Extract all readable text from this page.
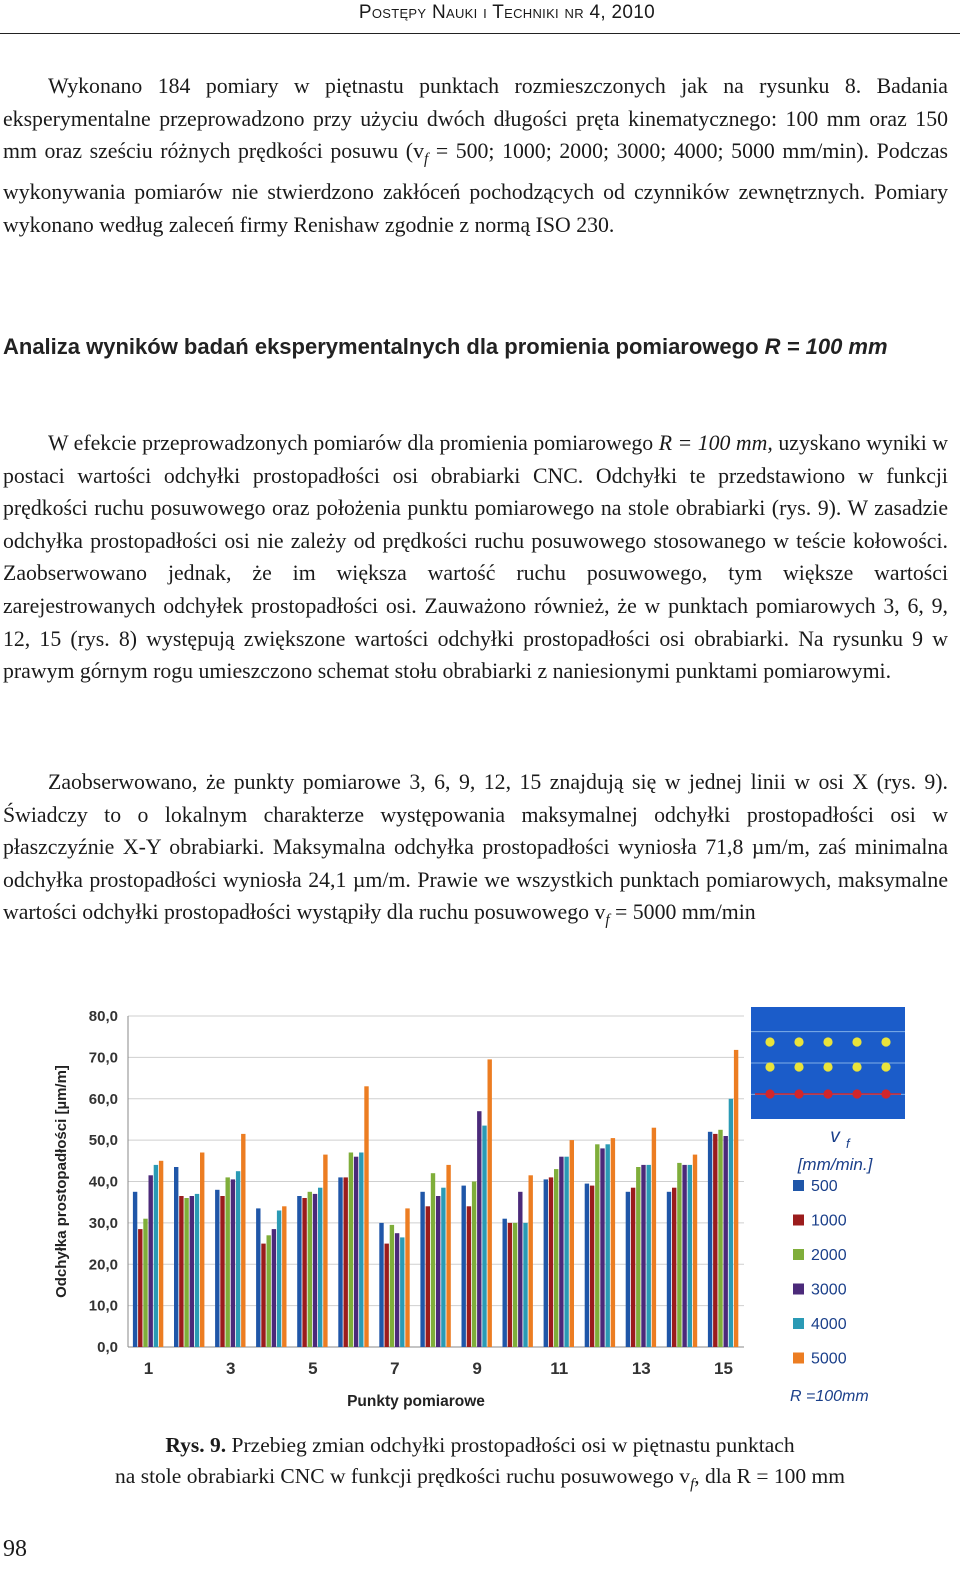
Postępy Nauki i Techniki nr 4, 2010
Wykonano 184 pomiary w piętnastu punktach rozmieszczonych jak na rysunku 8. Badania eksperymentalne przeprowadzono przy użyciu dwóch długości pręta kinematycznego: 100 mm oraz 150 mm oraz sześciu różnych prędkości posuwu ($v_f = 500$; 1000; 2000; 3000; 4000; 5000 mm/min). Podczas wykonywania pomiarów nie stwierdzono zakłóceń pochodzących od czynników zewnętrznych. Pomiary wykonano według zaleceń firmy Renishaw zgodnie z normą ISO 230.
Analiza wyników badań eksperymentalnych dla promienia pomiarowego R = 100 mm
W efekcie przeprowadzonych pomiarów dla promienia pomiarowego R = 100 mm, uzyskano wyniki w postaci wartości odchyłki prostopadłości osi obrabiarki CNC. Odchyłki te przedstawiono w funkcji prędkości ruchu posuwowego oraz położenia punktu pomiarowego na stole obrabiarki (rys. 9). W zasadzie odchyłka prostopadłości osi nie zależy od prędkości ruchu posuwowego stosowanego w teście kołowości. Zaobserwowano jednak, że im większa wartość ruchu posuwowego, tym większe wartości zarejestrowanych odchyłek prostopadłości osi. Zauważono również, że w punktach pomiarowych 3, 6, 9, 12, 15 (rys. 8) występują zwiększone wartości odchyłki prostopadłości osi obrabiarki. Na rysunku 9 w prawym górnym rogu umieszczono schemat stołu obrabiarki z naniesionymi punktami pomiarowymi.
Zaobserwowano, że punkty pomiarowe 3, 6, 9, 12, 15 znajdują się w jednej linii w osi X (rys. 9). Świadczy to o lokalnym charakterze występowania maksymalnej odchyłki prostopadłości osi w płaszczyźnie X-Y obrabiarki. Maksymalna odchyłka prostopadłości wyniosła 71,8 µm/m, zaś minimalna odchyłka prostopadłości wyniosła 24,1 µm/m. Prawie we wszystkich punktach pomiarowych, maksymalne wartości odchyłki prostopadłości wystąpiły dla ruchu posuwowego $v_f = 5000$ mm/min
0,0
10,0
20,0
30,0
40,0
50,0
60,0
70,0
80,0
1	3	5	7	9	11	13	15
Punkty pomiarowe
Odchyłka prostopadłości [µm/m]	v f
[mm/min.]
500
1000
2000
3000
4000
5000
R =100mm
Rys. 9. Przebieg zmian odchyłki prostopadłości osi w piętnastu punktach
na stole obrabiarki CNC w funkcji prędkości ruchu posuwowego $v_f$, dla R = 100 mm
98
